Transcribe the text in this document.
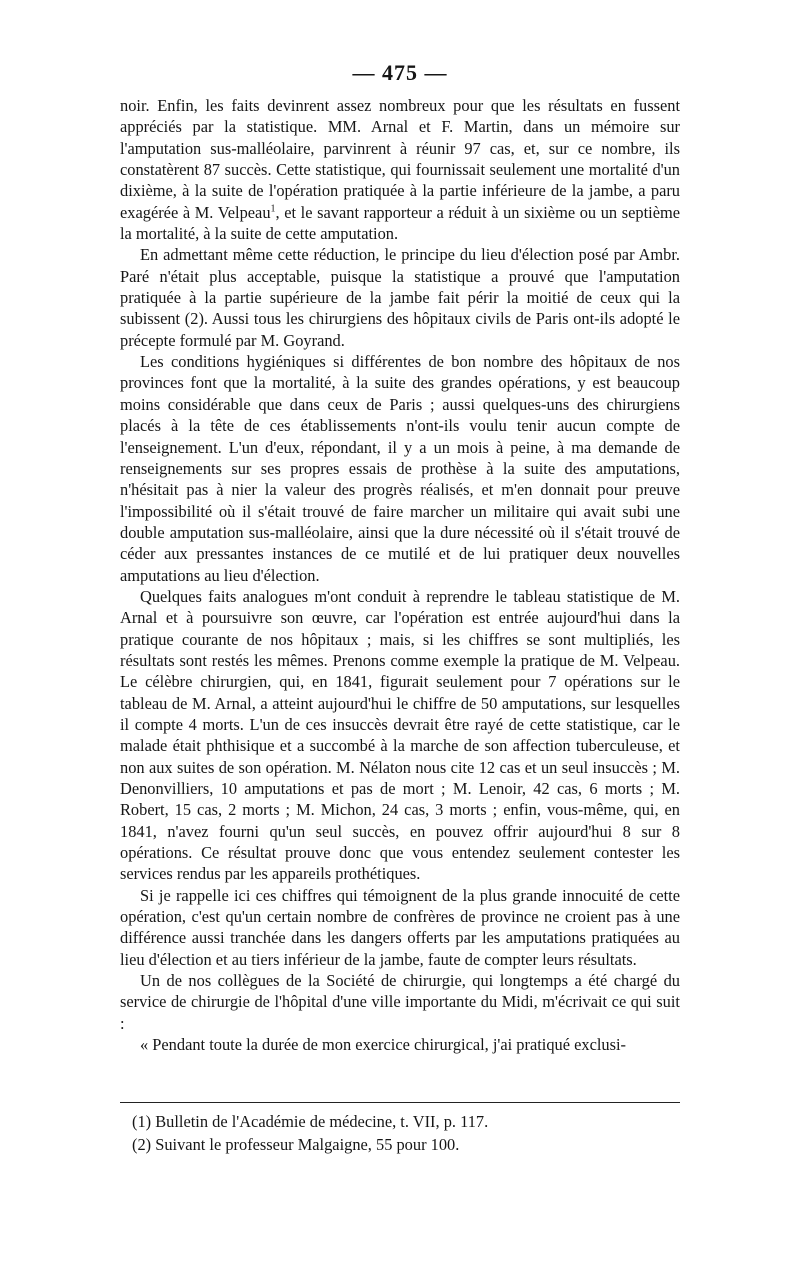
— 475 —

noir. Enfin, les faits devinrent assez nombreux pour que les résultats en fussent appréciés par la statistique. MM. Arnal et F. Martin, dans un mémoire sur l'amputation sus-malléolaire, parvinrent à réunir 97 cas, et, sur ce nombre, ils constatèrent 87 succès. Cette statistique, qui fournissait seulement une mortalité d'un dixième, à la suite de l'opération pratiquée à la partie inférieure de la jambe, a paru exagérée à M. Velpeau$^1$, et le savant rapporteur a réduit à un sixième ou un septième la mortalité, à la suite de cette amputation.

En admettant même cette réduction, le principe du lieu d'élection posé par Ambr. Paré n'était plus acceptable, puisque la statistique a prouvé que l'amputation pratiquée à la partie supérieure de la jambe fait périr la moitié de ceux qui la subissent (2). Aussi tous les chirurgiens des hôpitaux civils de Paris ont-ils adopté le précepte formulé par M. Goyrand.

Les conditions hygiéniques si différentes de bon nombre des hôpitaux de nos provinces font que la mortalité, à la suite des grandes opérations, y est beaucoup moins considérable que dans ceux de Paris ; aussi quelques-uns des chirurgiens placés à la tête de ces établissements n'ont-ils voulu tenir aucun compte de l'enseignement. L'un d'eux, répondant, il y a un mois à peine, à ma demande de renseignements sur ses propres essais de prothèse à la suite des amputations, n'hésitait pas à nier la valeur des progrès réalisés, et m'en donnait pour preuve l'impossibilité où il s'était trouvé de faire marcher un militaire qui avait subi une double amputation sus-malléolaire, ainsi que la dure nécessité où il s'était trouvé de céder aux pressantes instances de ce mutilé et de lui pratiquer deux nouvelles amputations au lieu d'élection.

Quelques faits analogues m'ont conduit à reprendre le tableau statistique de M. Arnal et à poursuivre son œuvre, car l'opération est entrée aujourd'hui dans la pratique courante de nos hôpitaux ; mais, si les chiffres se sont multipliés, les résultats sont restés les mêmes. Prenons comme exemple la pratique de M. Velpeau. Le célèbre chirurgien, qui, en 1841, figurait seulement pour 7 opérations sur le tableau de M. Arnal, a atteint aujourd'hui le chiffre de 50 amputations, sur lesquelles il compte 4 morts. L'un de ces insuccès devrait être rayé de cette statistique, car le malade était phthisique et a succombé à la marche de son affection tuberculeuse, et non aux suites de son opération. M. Nélaton nous cite 12 cas et un seul insuccès ; M. Denonvilliers, 10 amputations et pas de mort ; M. Lenoir, 42 cas, 6 morts ; M. Robert, 15 cas, 2 morts ; M. Michon, 24 cas, 3 morts ; enfin, vous-même, qui, en 1841, n'avez fourni qu'un seul succès, en pouvez offrir aujourd'hui 8 sur 8 opérations. Ce résultat prouve donc que vous entendez seulement contester les services rendus par les appareils prothétiques.

Si je rappelle ici ces chiffres qui témoignent de la plus grande innocuité de cette opération, c'est qu'un certain nombre de confrères de province ne croient pas à une différence aussi tranchée dans les dangers offerts par les amputations pratiquées au lieu d'élection et au tiers inférieur de la jambe, faute de compter leurs résultats.

Un de nos collègues de la Société de chirurgie, qui longtemps a été chargé du service de chirurgie de l'hôpital d'une ville importante du Midi, m'écrivait ce qui suit :

« Pendant toute la durée de mon exercice chirurgical, j'ai pratiqué exclusi-

(1) Bulletin de l'Académie de médecine, t. VII, p. 117.
(2) Suivant le professeur Malgaigne, 55 pour 100.
